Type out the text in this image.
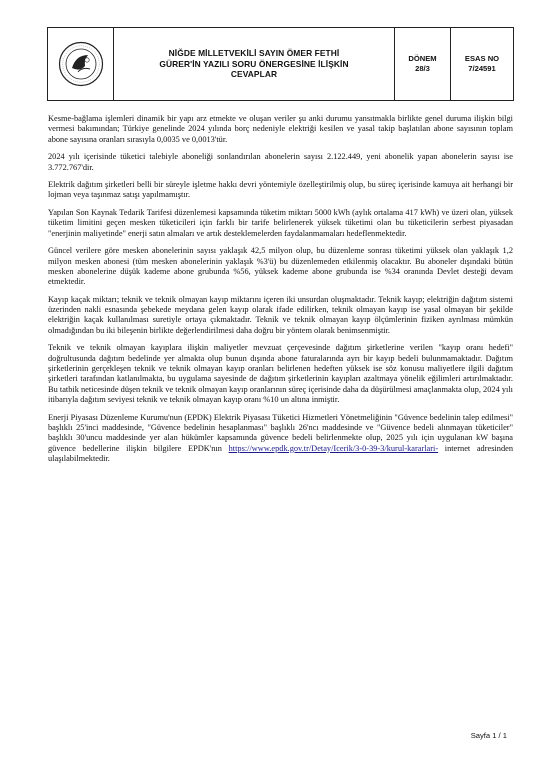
NİĞDE MİLLETVEKİLİ SAYIN ÖMER FETHİ
GÜRER'İN YAZILI SORU ÖNERGESİNE İLİŞKİN
CEVAPLAR
DÖNEM
28/3
ESAS NO
7/24591

Kesme-bağlama işlemleri dinamik bir yapı arz etmekte ve oluşan veriler şu anki durumu yansıtmakla birlikte genel duruma ilişkin bilgi vermesi bakımından; Türkiye genelinde 2024 yılında borç nedeniyle elektriği kesilen ve yasal takip başlatılan abone sayısının toplam abone sayısına oranları sırasıyla 0,0035 ve 0,0013'tür.

2024 yılı içerisinde tüketici talebiyle aboneliği sonlandırılan abonelerin sayısı 2.122.449, yeni abonelik yapan abonelerin sayısı ise 3.772.767'dir.

Elektrik dağıtım şirketleri belli bir süreyle işletme hakkı devri yöntemiyle özelleştirilmiş olup, bu süreç içerisinde kamuya ait herhangi bir lojman veya taşınmaz satışı yapılmamıştır.

Yapılan Son Kaynak Tedarik Tarifesi düzenlemesi kapsamında tüketim miktarı 5000 kWh (aylık ortalama 417 kWh) ve üzeri olan, yüksek tüketim limitini geçen mesken tüketicileri için farklı bir tarife belirlenerek yüksek tüketimi olan bu tüketicilerin serbest piyasadan "enerjinin maliyetinde" enerji satın almaları ve artık desteklemelerden faydalanmamaları hedeflenmektedir.

Güncel verilere göre mesken abonelerinin sayısı yaklaşık 42,5 milyon olup, bu düzenleme sonrası tüketimi yüksek olan yaklaşık 1,2 milyon mesken abonesi (tüm mesken abonelerinin yaklaşık %3'ü) bu düzenlemeden etkilenmiş olacaktır. Bu aboneler dışındaki bütün mesken abonelerine düşük kademe abone grubunda %56, yüksek kademe abone grubunda ise %34 oranında Devlet desteği devam etmektedir.

Kayıp kaçak miktarı; teknik ve teknik olmayan kayıp miktarını içeren iki unsurdan oluşmaktadır. Teknik kayıp; elektriğin dağıtım sistemi üzerinden nakli esnasında şebekede meydana gelen kayıp olarak ifade edilirken, teknik olmayan kayıp ise yasal olmayan bir şekilde elektriğin kaçak kullanılması suretiyle ortaya çıkmaktadır. Teknik ve teknik olmayan kayıp ölçümlerinin fiziken ayrılması mümkün olmadığından bu iki bileşenin birlikte değerlendirilmesi daha doğru bir yöntem olarak benimsenmiştir.

Teknik ve teknik olmayan kayıplara ilişkin maliyetler mevzuat çerçevesinde dağıtım şirketlerine verilen "kayıp oranı hedefi" doğrultusunda dağıtım bedelinde yer almakta olup bunun dışında abone faturalarında ayrı bir kayıp bedeli bulunmamaktadır. Dağıtım şirketlerinin gerçekleşen teknik ve teknik olmayan kayıp oranları belirlenen hedeften yüksek ise söz konusu maliyetlere ilgili dağıtım şirketleri tarafından katlanılmakta, bu uygulama sayesinde de dağıtım şirketlerinin kayıpları azaltmaya yönelik eğilimleri artırılmaktadır. Bu tatbik neticesinde düşen teknik ve teknik olmayan kayıp oranlarının süreç içerisinde daha da düşürülmesi amaçlanmakta olup, 2024 yılı itibarıyla dağıtım seviyesi teknik ve teknik olmayan kayıp oranı %10 un altına inmiştir.

Enerji Piyasası Düzenleme Kurumu'nun (EPDK) Elektrik Piyasası Tüketici Hizmetleri Yönetmeliğinin "Güvence bedelinin talep edilmesi" başlıklı 25'inci maddesinde, "Güvence bedelinin hesaplanması" başlıklı 26'ncı maddesinde ve "Güvence bedeli alınmayan tüketiciler" başlıklı 30'uncu maddesinde yer alan hükümler kapsamında güvence bedeli belirlenmekte olup, 2025 yılı için uygulanan kW başına güvence bedellerine ilişkin bilgilere EPDK'nın https://www.epdk.gov.tr/Detay/Icerik/3-0-39-3/kurul-kararlari- internet adresinden ulaşılabilmektedir.

Sayfa 1 / 1
